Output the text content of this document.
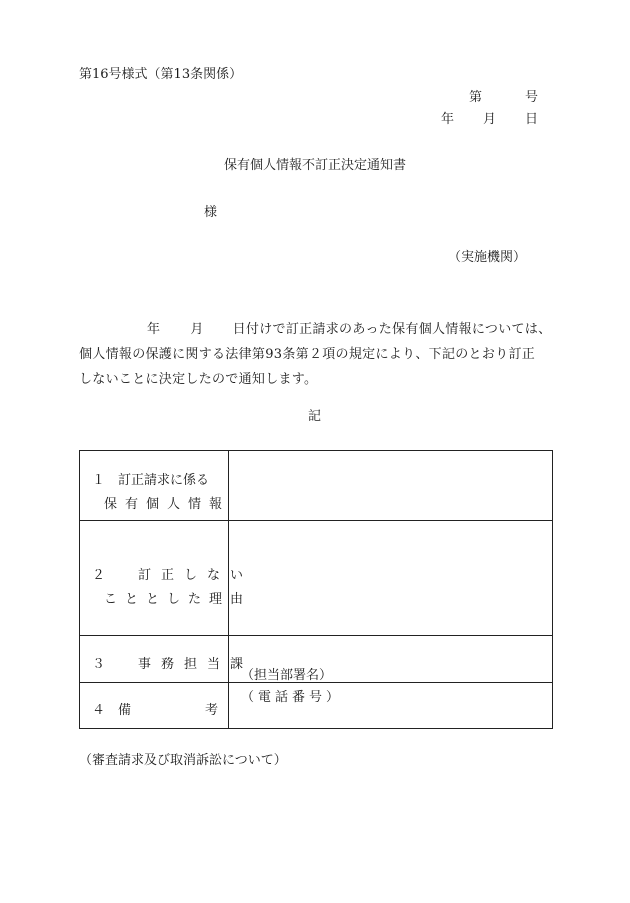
第16号様式（第13条関係）
第	号
年 月 日
保有個人情報不訂正決定通知書
様
（実施機関）
年 月 日付けで訂正請求のあった保有個人情報については、
個人情報の保護に関する法律第93条第２項の規定により、下記のとおり訂正
しないことに決定したので通知します。
記
１　訂正請求に係る
保有個人情報	

２　訂正しない
こととした理由	

３　事務担当課	（担当部署名）
（電話番号）

４　備 考	

（審査請求及び取消訴訟について）
